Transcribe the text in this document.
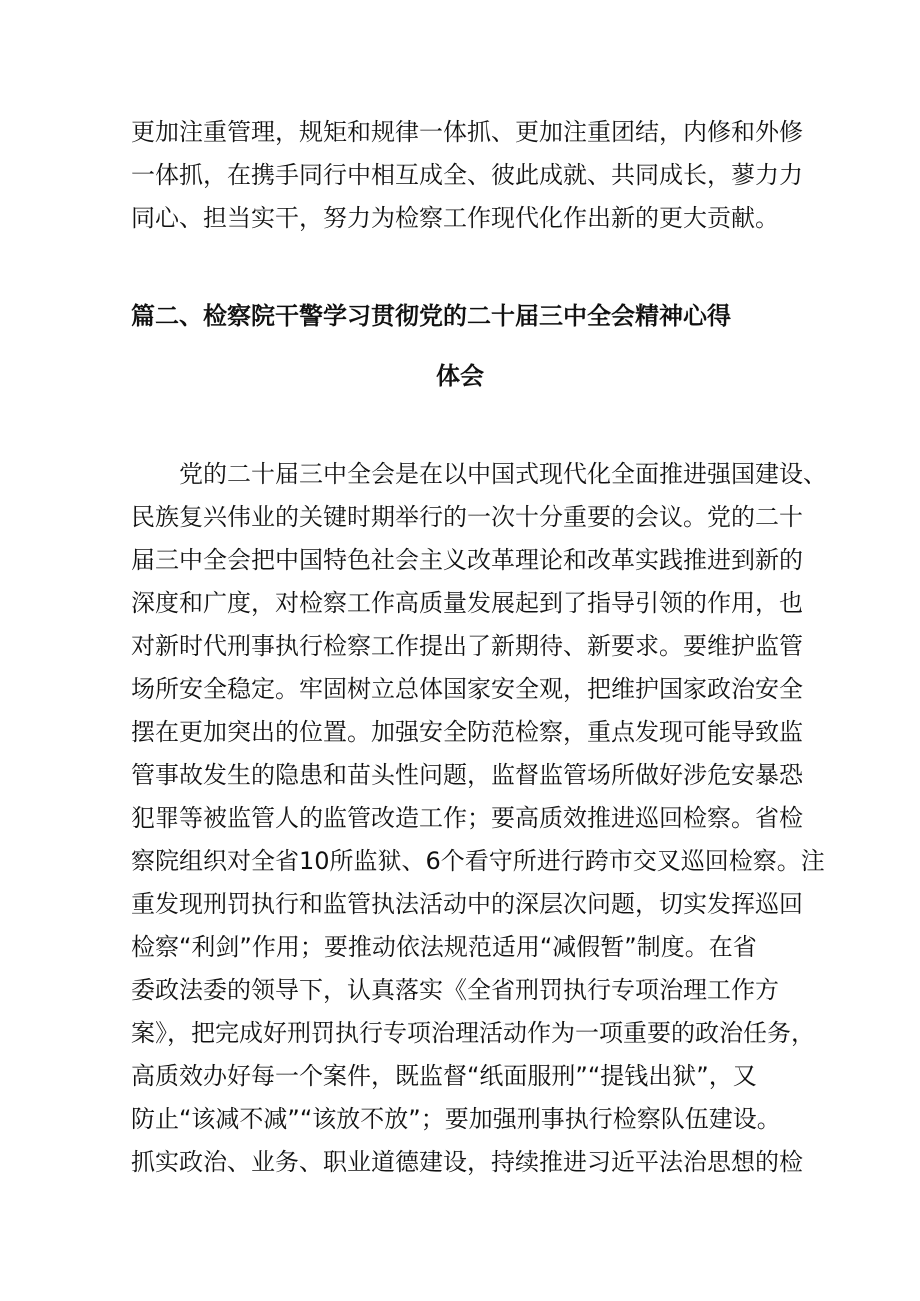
更加注重管理，规矩和规律一体抓、更加注重团结，内修和外修
一体抓，在携手同行中相互成全、彼此成就、共同成长，蓼力力
同心、担当实干，努力为检察工作现代化作出新的更大贡献。
篇二、检察院干警学习贯彻党的二十届三中全会精神心得
体会
党的二十届三中全会是在以中国式现代化全面推进强国建设、
民族复兴伟业的关键时期举行的一次十分重要的会议。党的二十
届三中全会把中国特色社会主义改革理论和改革实践推进到新的
深度和广度，对检察工作高质量发展起到了指导引领的作用，也
对新时代刑事执行检察工作提出了新期待、新要求。要维护监管
场所安全稳定。牢固树立总体国家安全观，把维护国家政治安全
摆在更加突出的位置。加强安全防范检察，重点发现可能导致监
管事故发生的隐患和苗头性问题，监督监管场所做好涉危安暴恐
犯罪等被监管人的监管改造工作；要高质效推进巡回检察。省检
察院组织对全省10所监狱、6个看守所进行跨市交叉巡回检察。注
重发现刑罚执行和监管执法活动中的深层次问题，切实发挥巡回
检察“利剑”作用；要推动依法规范适用“减假暂”制度。在省
委政法委的领导下，认真落实《全省刑罚执行专项治理工作方
案》，把完成好刑罚执行专项治理活动作为一项重要的政治任务，
高质效办好每一个案件，既监督“纸面服刑”“提钱出狱”，又
防止“该减不减”“该放不放”；要加强刑事执行检察队伍建设。
抓实政治、业务、职业道德建设，持续推进习近平法治思想的检
